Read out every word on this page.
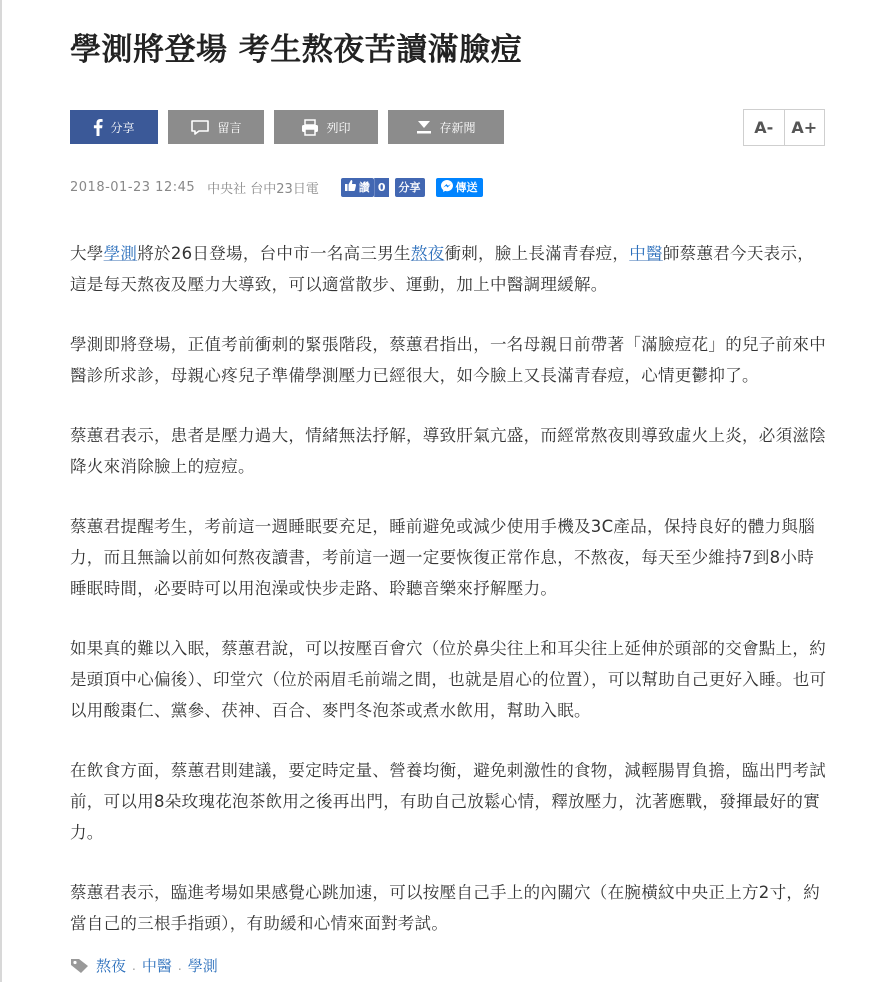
學測將登場 考生熬夜苦讀滿臉痘
分享	留言	列印	存新聞	A-	A+
2018-01-23 12:45 中央社 台中23日電	讚 0	分享	傳送

大學學測將於26日登場，台中市一名高三男生熬夜衝刺，臉上長滿青春痘，中醫師蔡蕙君今天表示，這是每天熬夜及壓力大導致，可以適當散步、運動，加上中醫調理緩解。

學測即將登場，正值考前衝刺的緊張階段，蔡蕙君指出，一名母親日前帶著「滿臉痘花」的兒子前來中醫診所求診，母親心疼兒子準備學測壓力已經很大，如今臉上又長滿青春痘，心情更鬱抑了。

蔡蕙君表示，患者是壓力過大，情緒無法抒解，導致肝氣亢盛，而經常熬夜則導致虛火上炎，必須滋陰降火來消除臉上的痘痘。

蔡蕙君提醒考生，考前這一週睡眠要充足，睡前避免或減少使用手機及3C產品，保持良好的體力與腦力，而且無論以前如何熬夜讀書，考前這一週一定要恢復正常作息，不熬夜，每天至少維持7到8小時睡眠時間，必要時可以用泡澡或快步走路、聆聽音樂來抒解壓力。

如果真的難以入眠，蔡蕙君說，可以按壓百會穴（位於鼻尖往上和耳尖往上延伸於頭部的交會點上，約是頭頂中心偏後）、印堂穴（位於兩眉毛前端之間，也就是眉心的位置），可以幫助自己更好入睡。也可以用酸棗仁、黨參、茯神、百合、麥門冬泡茶或煮水飲用，幫助入眠。

在飲食方面，蔡蕙君則建議，要定時定量、營養均衡，避免刺激性的食物，減輕腸胃負擔，臨出門考試前，可以用8朵玫瑰花泡茶飲用之後再出門，有助自己放鬆心情，釋放壓力，沈著應戰，發揮最好的實力。

蔡蕙君表示，臨進考場如果感覺心跳加速，可以按壓自己手上的內關穴（在腕橫紋中央正上方2寸，約當自己的三根手指頭），有助緩和心情來面對考試。

熬夜 . 中醫 . 學測
